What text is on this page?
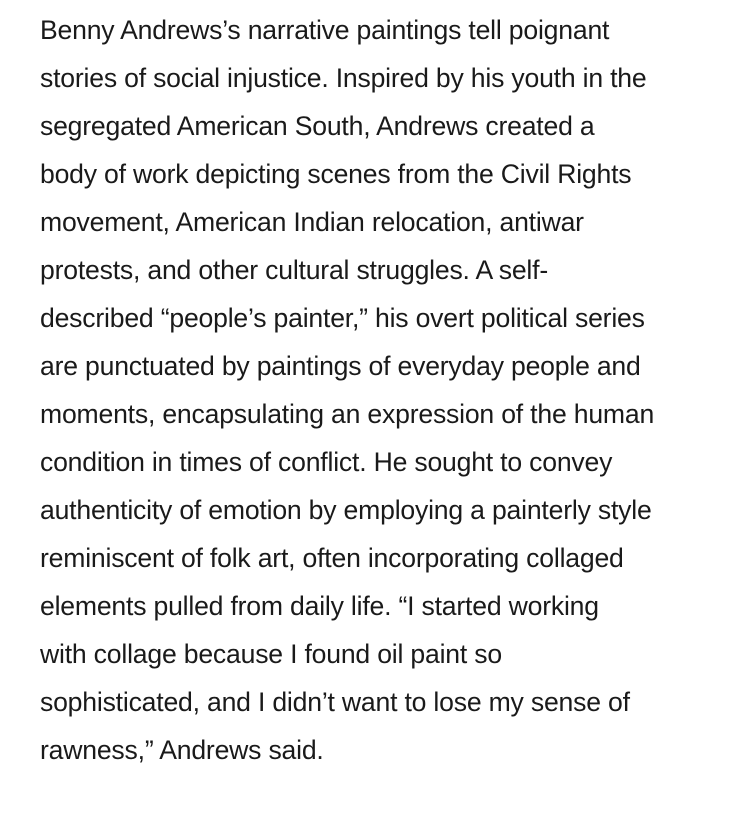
Benny Andrews’s narrative paintings tell poignant
stories of social injustice. Inspired by his youth in the
segregated American South, Andrews created a
body of work depicting scenes from the Civil Rights
movement, American Indian relocation, antiwar
protests, and other cultural struggles. A self-
described “people’s painter,” his overt political series
are punctuated by paintings of everyday people and
moments, encapsulating an expression of the human
condition in times of conflict. He sought to convey
authenticity of emotion by employing a painterly style
reminiscent of folk art, often incorporating collaged
elements pulled from daily life. “I started working
with collage because I found oil paint so
sophisticated, and I didn’t want to lose my sense of
rawness,” Andrews said.
